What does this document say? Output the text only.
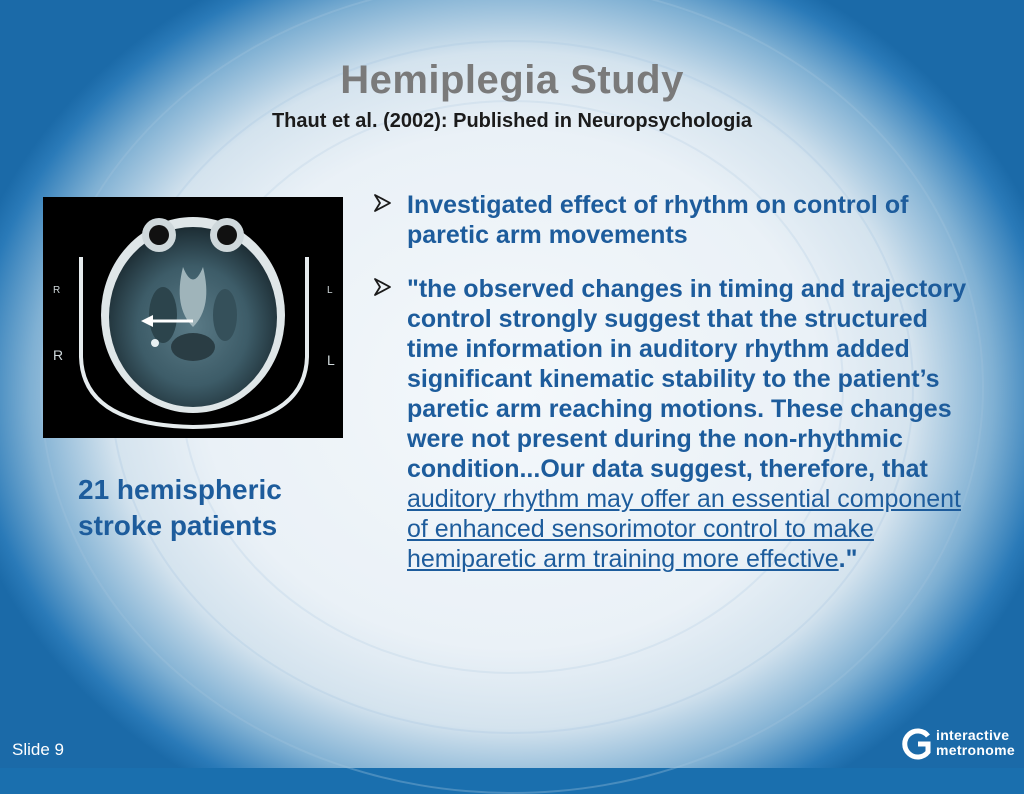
Hemiplegia Study
Thaut et al. (2002): Published in Neuropsychologia
R
R
L
L
21 hemispheric
stroke patients
Investigated effect of rhythm on control of paretic arm movements
"the observed changes in timing and trajectory control strongly suggest that the structured time information in auditory rhythm added significant kinematic stability to the patient’s paretic arm reaching motions. These changes were not present during the non-rhythmic condition...Our data suggest, therefore, that auditory rhythm may offer an essential component of enhanced sensorimotor control to make hemiparetic arm training more effective."
Slide 9
interactive
metronome
